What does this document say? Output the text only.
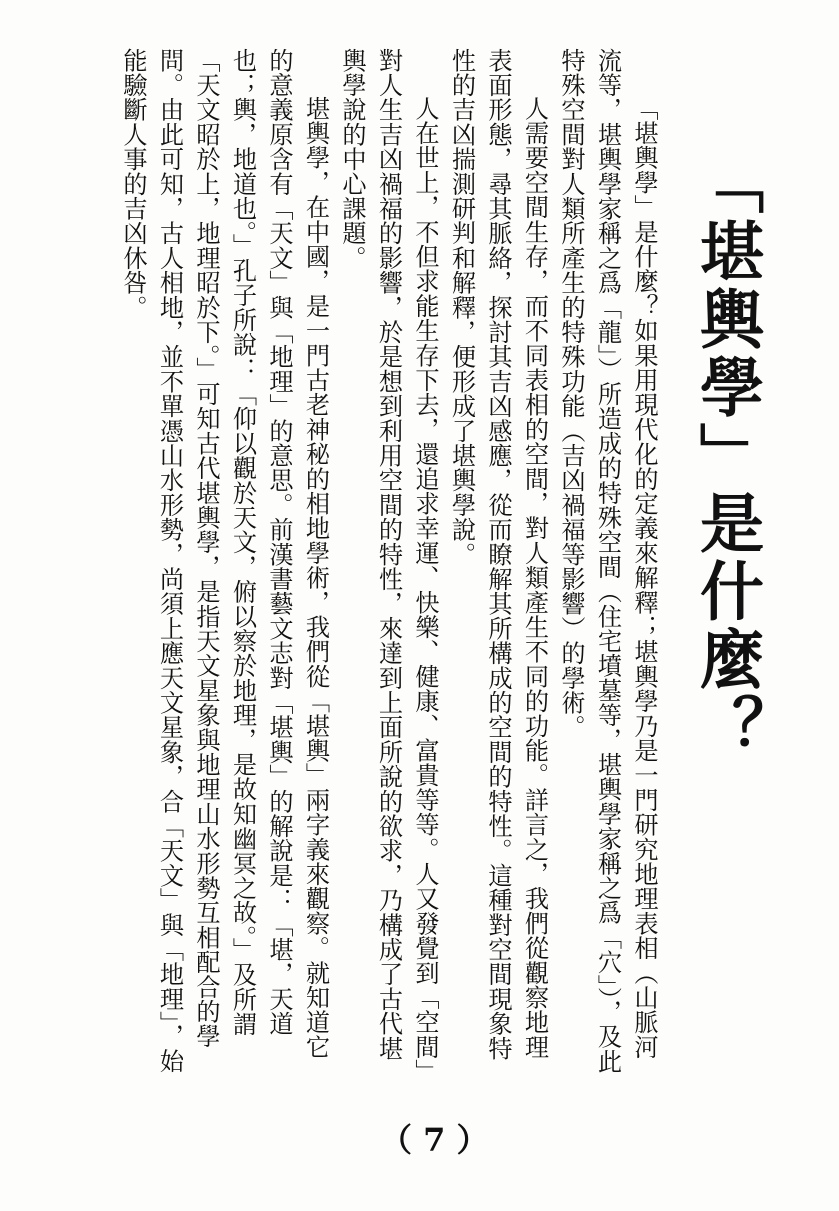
「堪輿學」是什麼？

「堪輿學」是什麼？如果用現代化的定義來解釋；堪輿學乃是一門研究地理表相（山脈河流等，堪輿學家稱之爲「龍」）所造成的特殊空間（住宅墳墓等，堪輿學家稱之爲「穴」），及此特殊空間對人類所產生的特殊功能（吉凶禍福等影響）的學術。

人需要空間生存，而不同表相的空間，對人類產生不同的功能。詳言之，我們從觀察地理表面形態，尋其脈絡，探討其吉凶感應，從而瞭解其所構成的空間的特性。這種對空間現象特性的吉凶揣測研判和解釋，便形成了堪輿學說。

人在世上，不但求能生存下去，還追求幸運、快樂、健康、富貴等等。人又發覺到「空間」對人生吉凶禍福的影響，於是想到利用空間的特性，來達到上面所說的欲求，乃構成了古代堪輿學說的中心課題。

堪輿學，在中國，是一門古老神秘的相地學術，我們從「堪輿」兩字義來觀察。就知道它的意義原含有「天文」與「地理」的意思。前漢書藝文志對「堪輿」的解說是：「堪，天道也；輿，地道也。」孔子所說：「仰以觀於天文，俯以察於地理，是故知幽冥之故。」及所謂「天文昭於上，地理昭於下。」可知古代堪輿學，是指天文星象與地理山水形勢互相配合的學問。由此可知，古人相地，並不單憑山水形勢，尚須上應天文星象，合「天文」與「地理」，始能驗斷人事的吉凶休咎。

（ 7 ）
